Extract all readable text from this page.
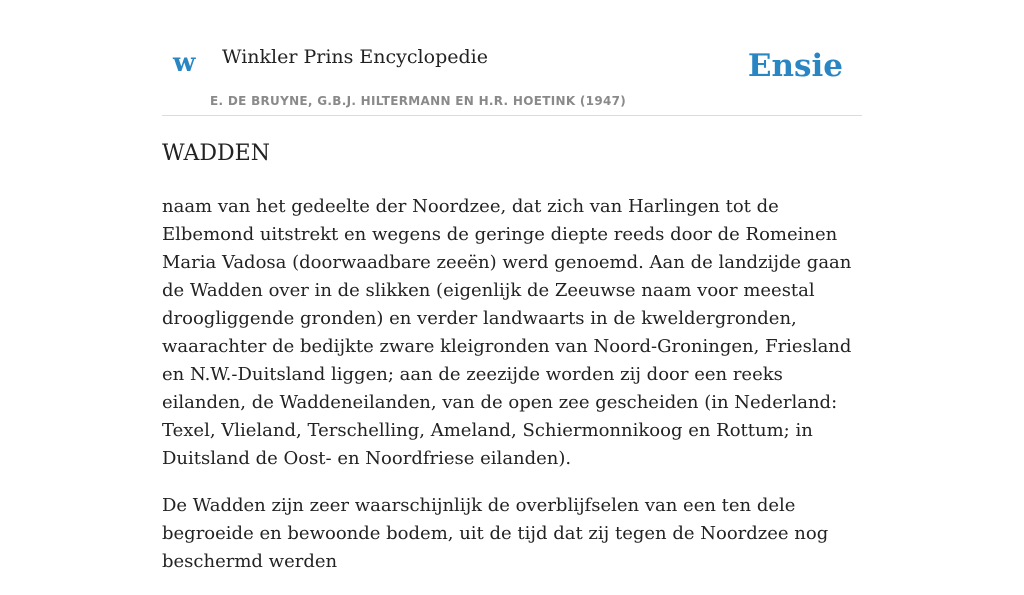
w Winkler Prins Encyclopedie
E. DE BRUYNE, G.B.J. HILTERMANN EN H.R. HOETINK (1947)
Ensie
WADDEN

naam van het gedeelte der Noordzee, dat zich van Harlingen tot de Elbemond uitstrekt en wegens de geringe diepte reeds door de Romeinen Maria Vadosa (doorwaadbare zeeën) werd genoemd. Aan de landzijde gaan de Wadden over in de slikken (eigenlijk de Zeeuwse naam voor meestal droogliggende gronden) en verder landwaarts in de kweldergronden, waarachter de bedijkte zware kleigronden van Noord-Groningen, Friesland en N.W.-Duitsland liggen; aan de zeezijde worden zij door een reeks eilanden, de Waddeneilanden, van de open zee gescheiden (in Nederland: Texel, Vlieland, Terschelling, Ameland, Schiermonnikoog en Rottum; in Duitsland de Oost- en Noordfriese eilanden).

De Wadden zijn zeer waarschijnlijk de overblijfselen van een ten dele begroeide en bewoonde bodem, uit de tijd dat zij tegen de Noordzee nog beschermd werden
